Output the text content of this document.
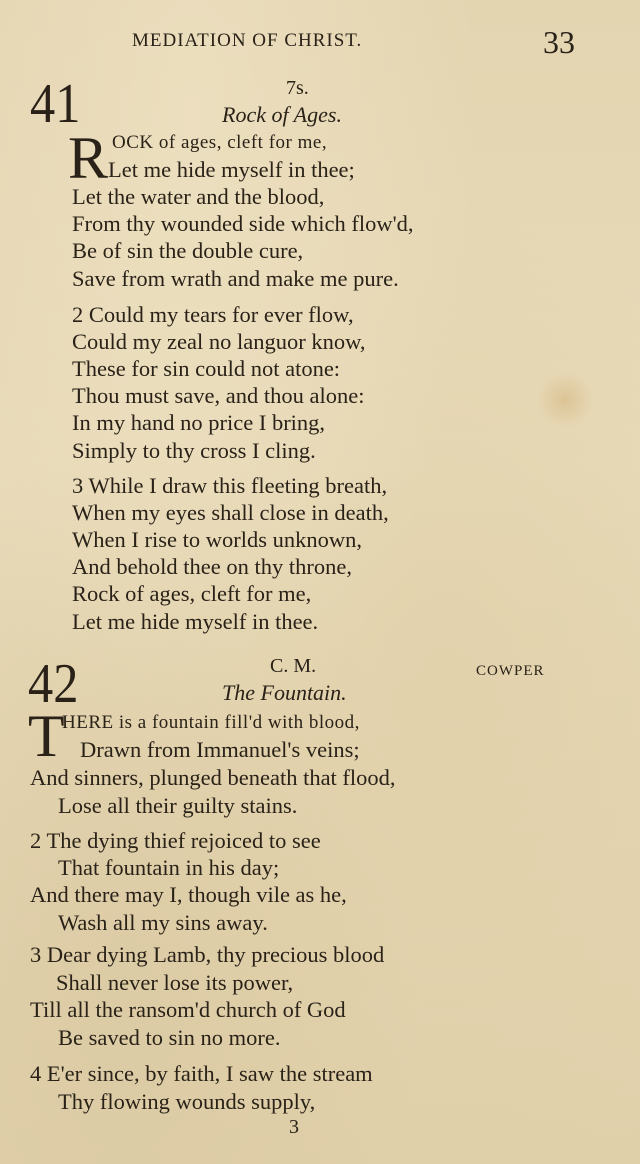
MEDIATION OF CHRIST.	33
41	7s.
Rock of Ages.
R OCK of ages, cleft for me,
Let me hide myself in thee;
Let the water and the blood,
From thy wounded side which flow'd,
Be of sin the double cure,
Save from wrath and make me pure.
2 Could my tears for ever flow,
Could my zeal no languor know,
These for sin could not atone:
Thou must save, and thou alone:
In my hand no price I bring,
Simply to thy cross I cling.
3 While I draw this fleeting breath,
When my eyes shall close in death,
When I rise to worlds unknown,
And behold thee on thy throne,
Rock of ages, cleft for me,
Let me hide myself in thee.
42	C. M.	COWPER
The Fountain.
T
HERE is a fountain fill'd with blood,
Drawn from Immanuel's veins;
And sinners, plunged beneath that flood,
Lose all their guilty stains.
2 The dying thief rejoiced to see
That fountain in his day;
And there may I, though vile as he,
Wash all my sins away.
3 Dear dying Lamb, thy precious blood
Shall never lose its power,
Till all the ransom'd church of God
Be saved to sin no more.
4 E'er since, by faith, I saw the stream
Thy flowing wounds supply,
3
